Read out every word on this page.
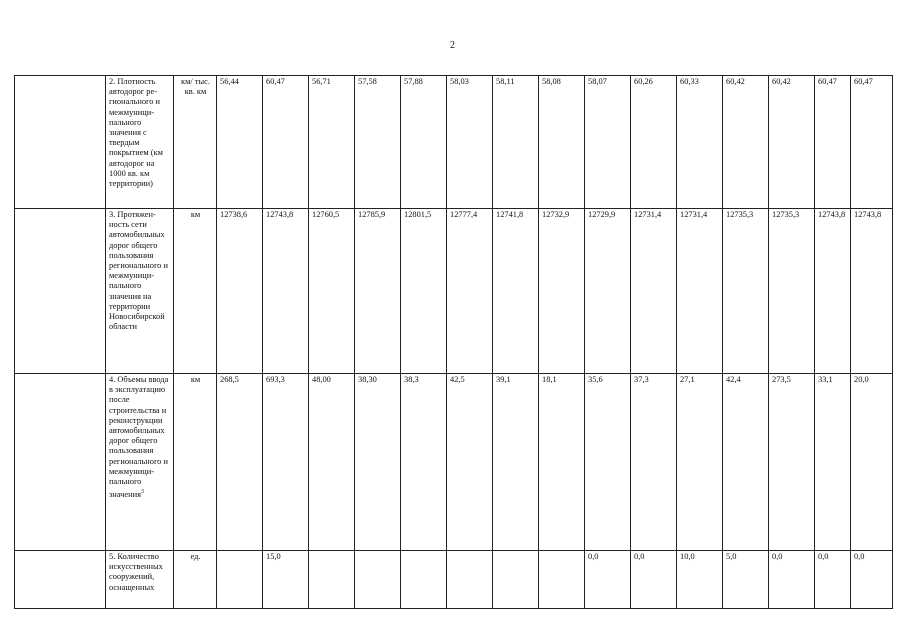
2
	2. Плотность автодорог регионального и межмуниципального значения с твердым покрытием (км автодорог на 1000 кв. км территории)	км/ тыс. кв. км	56,44	60,47	56,71	57,58	57,88	58,03	58,11	58,08	58,07	60,26	60,33	60,42	60,42	60,47	60,47
	3. Протяженность сети автомобильных дорог общего пользования регионального и межмуниципального значения на территории Новосибирской области	км	12738,6	12743,8	12760,5	12785,9	12801,5	12777,4	12741,8	12732,9	12729,9	12731,4	12731,4	12735,3	12735,3	12743,8	12743,8
	4. Объемы ввода в эксплуатацию после строительства и реконструкции автомобильных дорог общего пользования регионального и межмуниципального значения$^3$	км	268,5	693,3	48,00	38,30	38,3	42,5	39,1	18,1	35,6	37,3	27,1	42,4	273,5	33,1	20,0
	5. Количество искусственных сооружений, оснащенных	ед.		15,0							0,0	0,0	10,0	5,0	0,0	0,0	0,0
